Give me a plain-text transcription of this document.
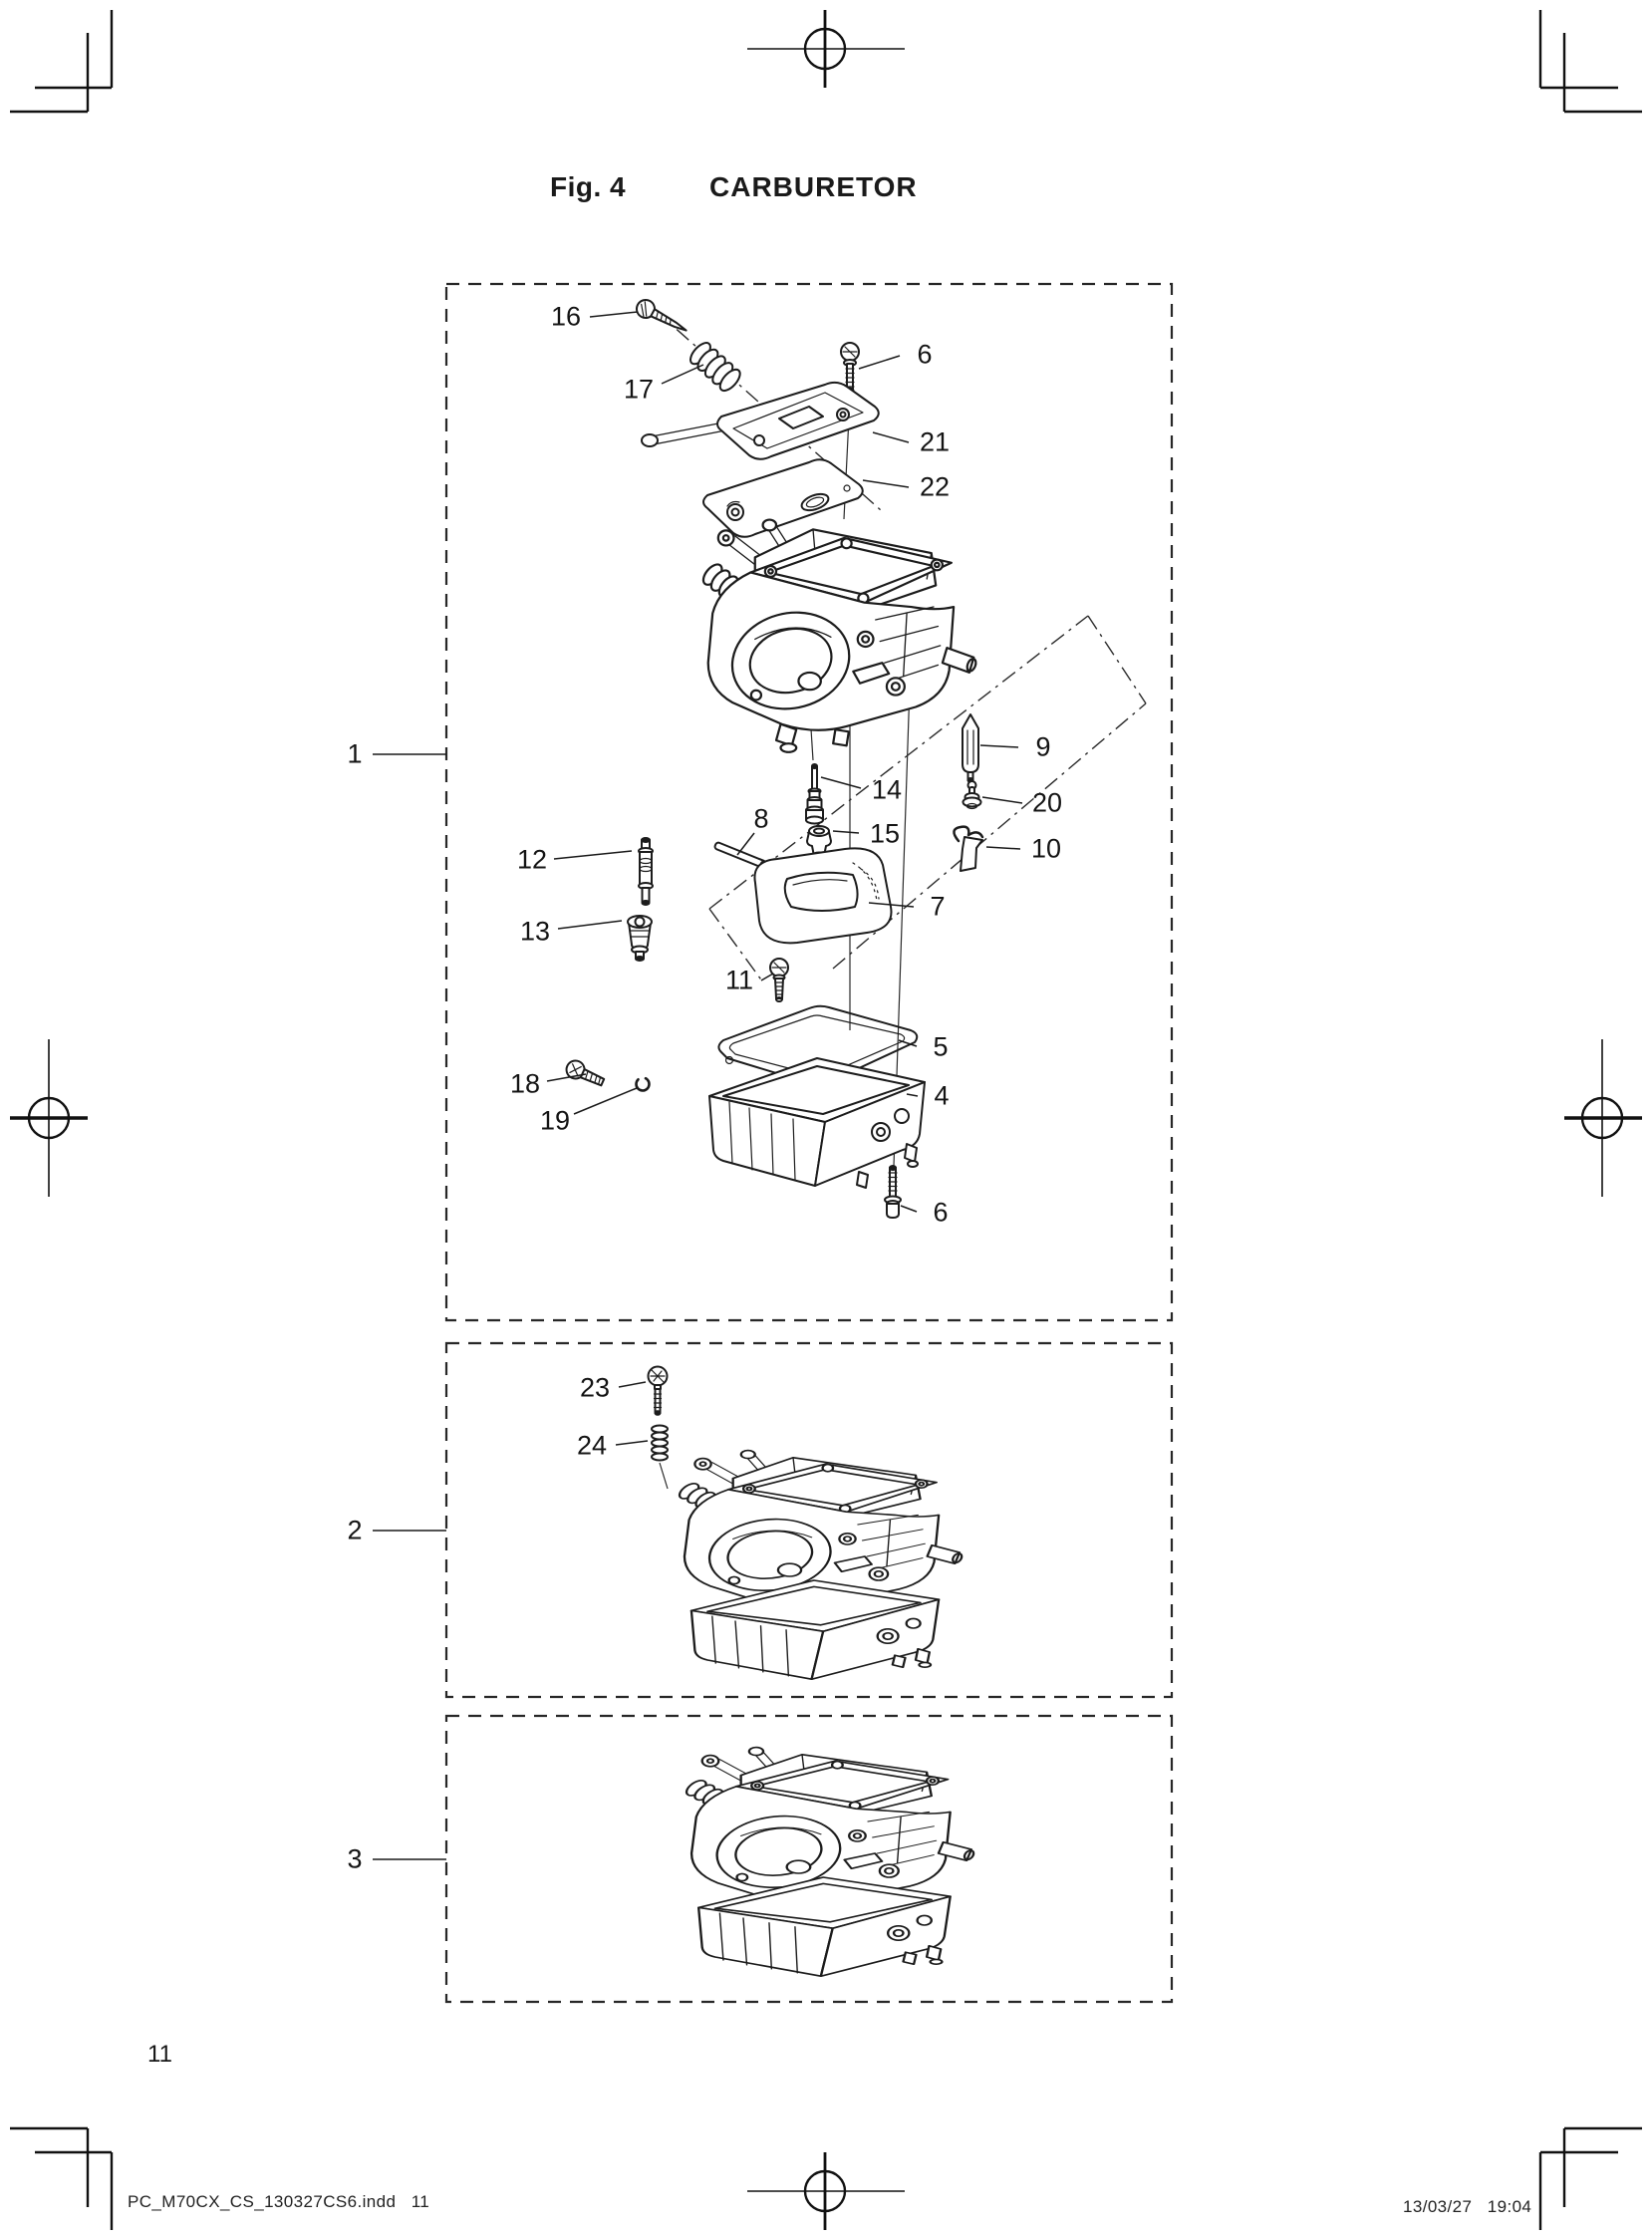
Fig. 4	CARBURETOR
16
17
6
21
22
9
14	20
8	15	10
12
7
13
11
5
18	4
19
6
23
24
1
2
3
11
PC_M70CX_CS_130327CS6.indd   11	13/03/27   19:04
